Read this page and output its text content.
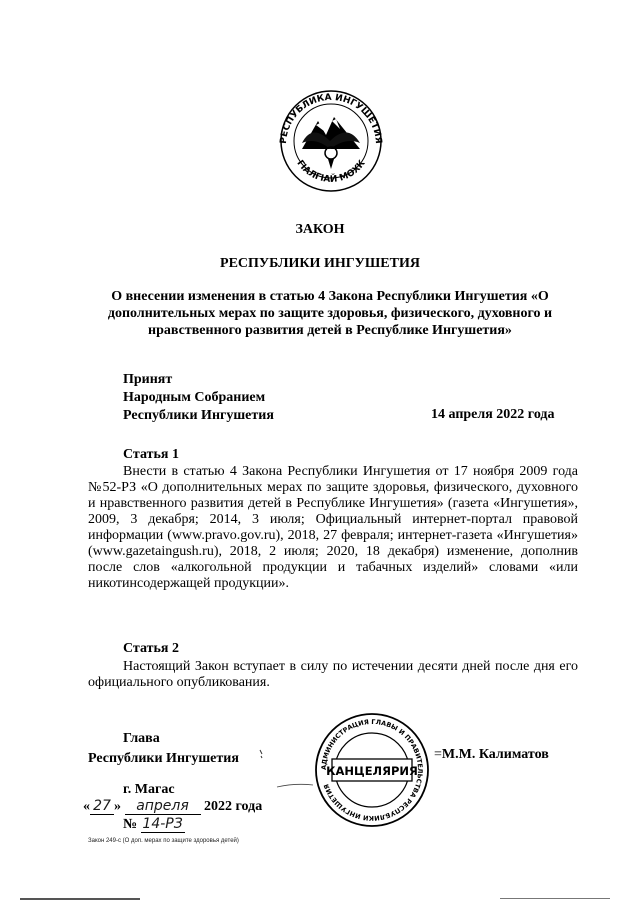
РЕСПУБЛИКА ИНГУШЕТИЯ
ГIАЛГIАЙ МОХК
ЗАКОН
РЕСПУБЛИКИ ИНГУШЕТИЯ
О внесении изменения в статью 4 Закона Республики Ингушетия «О дополнительных мерах по защите здоровья, физического, духовного и нравственного развития детей в Республике Ингушетия»
Принят
Народным Собранием
Республики Ингушетия	14 апреля 2022 года
Статья 1
Внести в статью 4 Закона Республики Ингушетия от 17 ноября 2009 года №52-РЗ «О дополнительных мерах по защите здоровья, физического, духовного и нравственного развития детей в Республике Ингушетия» (газета «Ингушетия», 2009, 3 декабря; 2014, 3 июля; Официальный интернет-портал правовой информации (www.pravo.gov.ru), 2018, 27 февраля; интернет-газета «Ингушетия» (www.gazetaingush.ru), 2018, 2 июля; 2020, 18 декабря) изменение, дополнив после слов «алкогольной продукции и табачных изделий» словами «или никотинсодержащей продукции».
Статья 2
Настоящий Закон вступает в силу по истечении десяти дней после дня его официального опубликования.
Глава
Республики Ингушетия
АДМИНИСТРАЦИЯ ГЛАВЫ И ПРАВИТЕЛЬСТВА РЕСПУБЛИКИ ИНГУШЕТИЯ
КАНЦЕЛЯРИЯ
=М.М. Калиматов
г. Магас
« 27 » апреля 2022 года
№ 14-РЗ
Закон 249-с (О доп. мерах по защите здоровья детей)
